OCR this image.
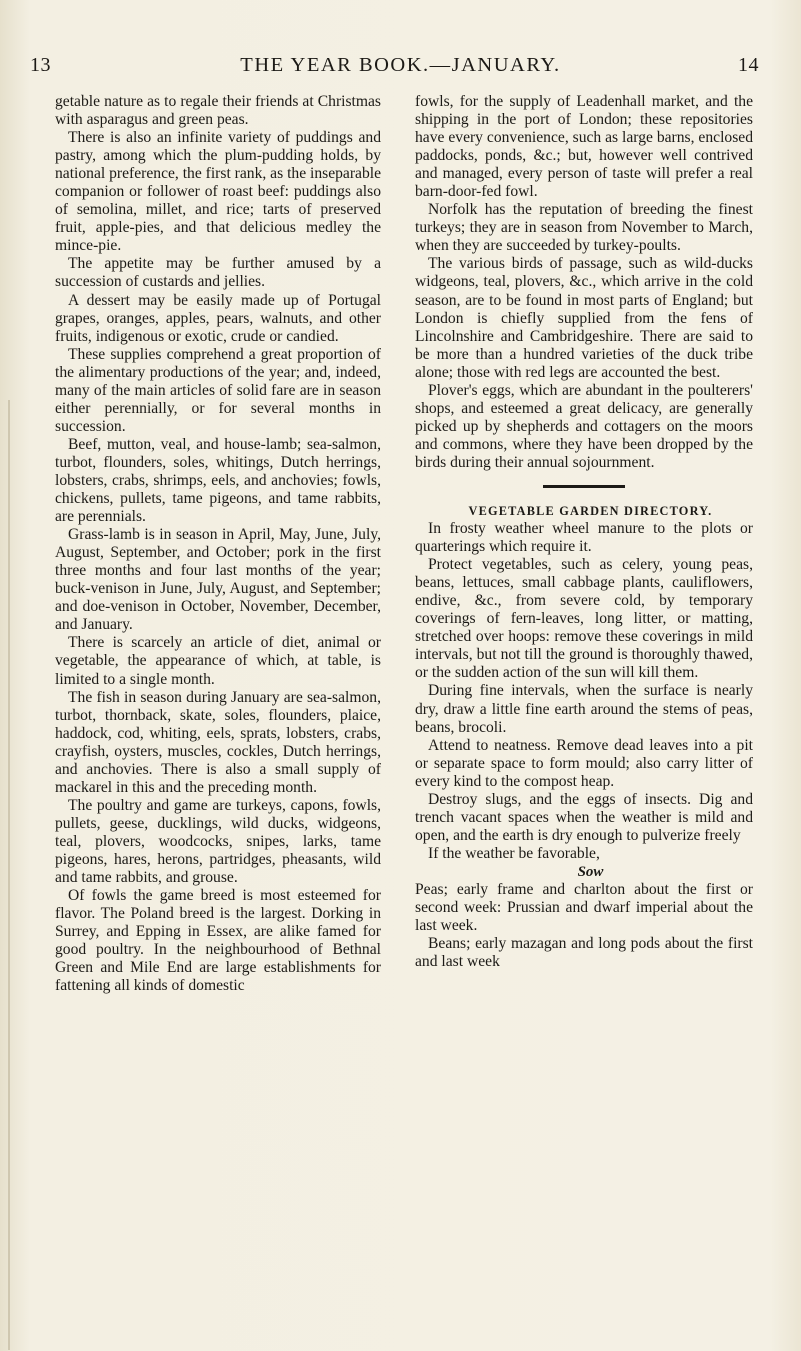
13	THE YEAR BOOK.—JANUARY.	14

getable nature as to regale their friends at Christmas with asparagus and green peas.

There is also an infinite variety of puddings and pastry, among which the plum-pudding holds, by national preference, the first rank, as the inseparable companion or follower of roast beef: puddings also of semolina, millet, and rice; tarts of preserved fruit, apple-pies, and that delicious medley the mince-pie.

The appetite may be further amused by a succession of custards and jellies.

A dessert may be easily made up of Portugal grapes, oranges, apples, pears, walnuts, and other fruits, indigenous or exotic, crude or candied.

These supplies comprehend a great proportion of the alimentary productions of the year; and, indeed, many of the main articles of solid fare are in season either perennially, or for several months in succession.

Beef, mutton, veal, and house-lamb; sea-salmon, turbot, flounders, soles, whitings, Dutch herrings, lobsters, crabs, shrimps, eels, and anchovies; fowls, chickens, pullets, tame pigeons, and tame rabbits, are perennials.

Grass-lamb is in season in April, May, June, July, August, September, and October; pork in the first three months and four last months of the year; buck-venison in June, July, August, and September; and doe-venison in October, November, December, and January.

There is scarcely an article of diet, animal or vegetable, the appearance of which, at table, is limited to a single month.

The fish in season during January are sea-salmon, turbot, thornback, skate, soles, flounders, plaice, haddock, cod, whiting, eels, sprats, lobsters, crabs, crayfish, oysters, muscles, cockles, Dutch herrings, and anchovies. There is also a small supply of mackarel in this and the preceding month.

The poultry and game are turkeys, capons, fowls, pullets, geese, ducklings, wild ducks, widgeons, teal, plovers, woodcocks, snipes, larks, tame pigeons, hares, herons, partridges, pheasants, wild and tame rabbits, and grouse.

Of fowls the game breed is most esteemed for flavor. The Poland breed is the largest. Dorking in Surrey, and Epping in Essex, are alike famed for good poultry. In the neighbourhood of Bethnal Green and Mile End are large establishments for fattening all kinds of domestic

fowls, for the supply of Leadenhall market, and the shipping in the port of London; these repositories have every convenience, such as large barns, enclosed paddocks, ponds, &c.; but, however well contrived and managed, every person of taste will prefer a real barn-door-fed fowl.

Norfolk has the reputation of breeding the finest turkeys; they are in season from November to March, when they are succeeded by turkey-poults.

The various birds of passage, such as wild-ducks widgeons, teal, plovers, &c., which arrive in the cold season, are to be found in most parts of England; but London is chiefly supplied from the fens of Lincolnshire and Cambridgeshire. There are said to be more than a hundred varieties of the duck tribe alone; those with red legs are accounted the best.

Plover's eggs, which are abundant in the poulterers' shops, and esteemed a great delicacy, are generally picked up by shepherds and cottagers on the moors and commons, where they have been dropped by the birds during their annual sojournment.

VEGETABLE GARDEN DIRECTORY.

In frosty weather wheel manure to the plots or quarterings which require it.

Protect vegetables, such as celery, young peas, beans, lettuces, small cabbage plants, cauliflowers, endive, &c., from severe cold, by temporary coverings of fern-leaves, long litter, or matting, stretched over hoops: remove these coverings in mild intervals, but not till the ground is thoroughly thawed, or the sudden action of the sun will kill them.

During fine intervals, when the surface is nearly dry, draw a little fine earth around the stems of peas, beans, brocoli.

Attend to neatness. Remove dead leaves into a pit or separate space to form mould; also carry litter of every kind to the compost heap.

Destroy slugs, and the eggs of insects. Dig and trench vacant spaces when the weather is mild and open, and the earth is dry enough to pulverize freely

If the weather be favorable,

Sow

Peas; early frame and charlton about the first or second week: Prussian and dwarf imperial about the last week.

Beans; early mazagan and long pods about the first and last week
